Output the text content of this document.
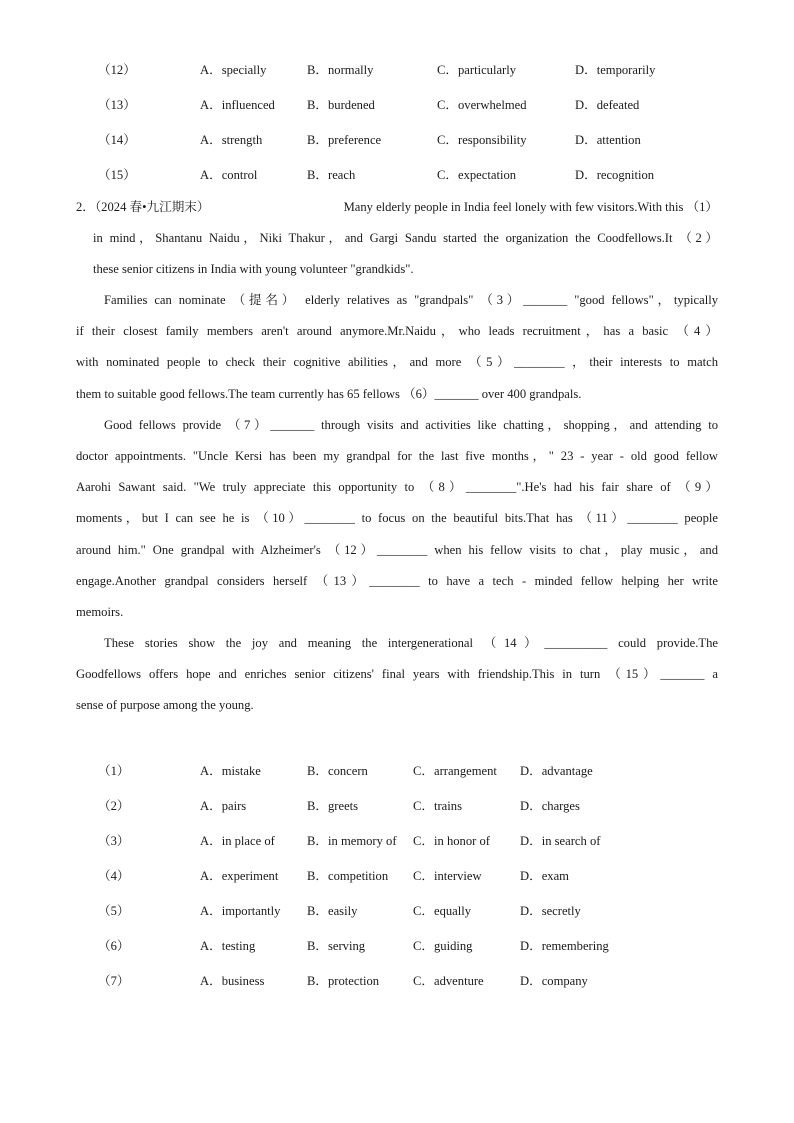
（12）	A．specially	B．normally	C．particularly	D．temporarily
（13）	A．influenced	B．burdened	C．overwhelmed	D．defeated
（14）	A．strength	B．preference	C．responsibility	D．attention
（15）	A．control	B．reach	C．expectation	D．recognition
2．（2024 春•九江期末）	Many elderly people in India feel lonely with few visitors.With this （1）
in mind，Shantanu Naidu，Niki Thakur，and Gargi Sandu started the organization the Coodfellows.It （2）
these senior citizens in India with young volunteer "grandkids".
Families can nominate （提名） elderly relatives as "grandpals" （3）_______ "good fellows"，typically
if their closest family members aren't around anymore.Mr.Naidu，who leads recruitment，has a basic （4）
with nominated people to check their cognitive abilities，and more （5）________ ，their interests to match
them to suitable good fellows.The team currently has 65 fellows （6）_______ over 400 grandpals.
Good fellows provide （7）_______ through visits and activities like chatting，shopping，and attending to
doctor appointments. "Uncle Kersi has been my grandpal for the last five months，" 23 - year - old good fellow
Aarohi Sawant said. "We truly appreciate this opportunity to （8）________".He's had his fair share of （9）
moments，but I can see he is （10）________ to focus on the beautiful bits.That has （11）________ people
around him." One grandpal with Alzheimer's （12）________ when his fellow visits to chat，play music，and
engage.Another grandpal considers herself （13）________ to have a tech - minded fellow helping her write
memoirs.
These stories show the joy and meaning the intergenerational （14）__________ could provide.The
Goodfellows offers hope and enriches senior citizens' final years with friendship.This in turn （15）_______ a
sense of purpose among the young.
（1）	A．mistake	B．concern	C．arrangement D．advantage
（2）	A．pairs	B．greets	C．trains	D．charges
（3）	A．in place of	B．in memory of C．in honor of D．in search of
（4）	A．experiment B．competition C．interview	D．exam
（5）	A．importantly B．easily	C．equally	D．secretly
（6）	A．testing	B．serving	C．guiding	D．remembering
（7）	A．business	B．protection	C．adventure	D．company
